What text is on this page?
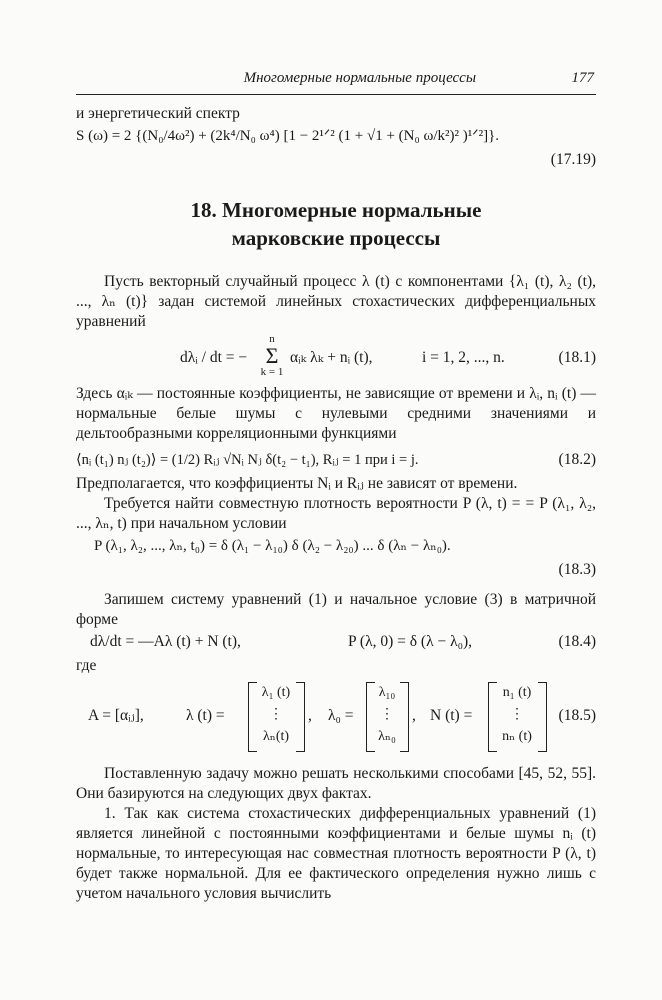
Многомерные нормальные процессы	177

и энергетический спектр

S (ω) = 2 {(N₀/4ω²) + (2k⁴/N₀ ω⁴) [1 − 2¹ᐟ² (1 + √1 + (N₀ ω/k²)² )¹ᐟ²]}.
(17.19)
18. Многомерные нормальные
марковские процессы

Пусть векторный случайный процесс λ (t) с компонентами {λ₁ (t), λ₂ (t), ..., λₙ (t)} задан системой линейных стохастических дифференциальных уравнений

dλᵢ / dt = −
n
Σ
k = 1
αᵢₖ λₖ + nᵢ (t),	i = 1, 2, ..., n.	(18.1)

Здесь αᵢₖ — постоянные коэффициенты, не зависящие от времени и λᵢ, nᵢ (t) — нормальные белые шумы с нулевыми средними значениями и дельтообразными корреляционными функциями

⟨nᵢ (t₁) nⱼ (t₂)⟩ = (1/2) Rᵢⱼ √Nᵢ Nⱼ δ(t₂ − t₁), Rᵢⱼ = 1 при i = j.	(18.2)

Предполагается, что коэффициенты Nᵢ и Rᵢⱼ не зависят от времени.

Требуется найти совместную плотность вероятности P (λ, t) = = P (λ₁, λ₂, ..., λₙ, t) при начальном условии

P (λ₁, λ₂, ..., λₙ, t₀) = δ (λ₁ − λ₁₀) δ (λ₂ − λ₂₀) ... δ (λₙ − λₙ₀).
(18.3)

Запишем систему уравнений (1) и начальное условие (3) в матричной форме

dλ/dt = —Aλ (t) + N (t),	P (λ, 0) = δ (λ − λ₀),	(18.4)

где

A = [αᵢⱼ],	λ (t) =
λ₁ (t)
⋮
λₙ(t)
, λ₀ =
λ₁₀
⋮
λₙ₀
, N (t) =
n₁ (t)
⋮
nₙ (t)
(18.5)

Поставленную задачу можно решать несколькими способами [45, 52, 55]. Они базируются на следующих двух фактах.

1. Так как система стохастических дифференциальных уравнений (1) является линейной с постоянными коэффициентами и белые шумы nᵢ (t) нормальные, то интересующая нас совместная плотность вероятности P (λ, t) будет также нормальной. Для ее фактического определения нужно лишь с учетом начального условия вычислить
